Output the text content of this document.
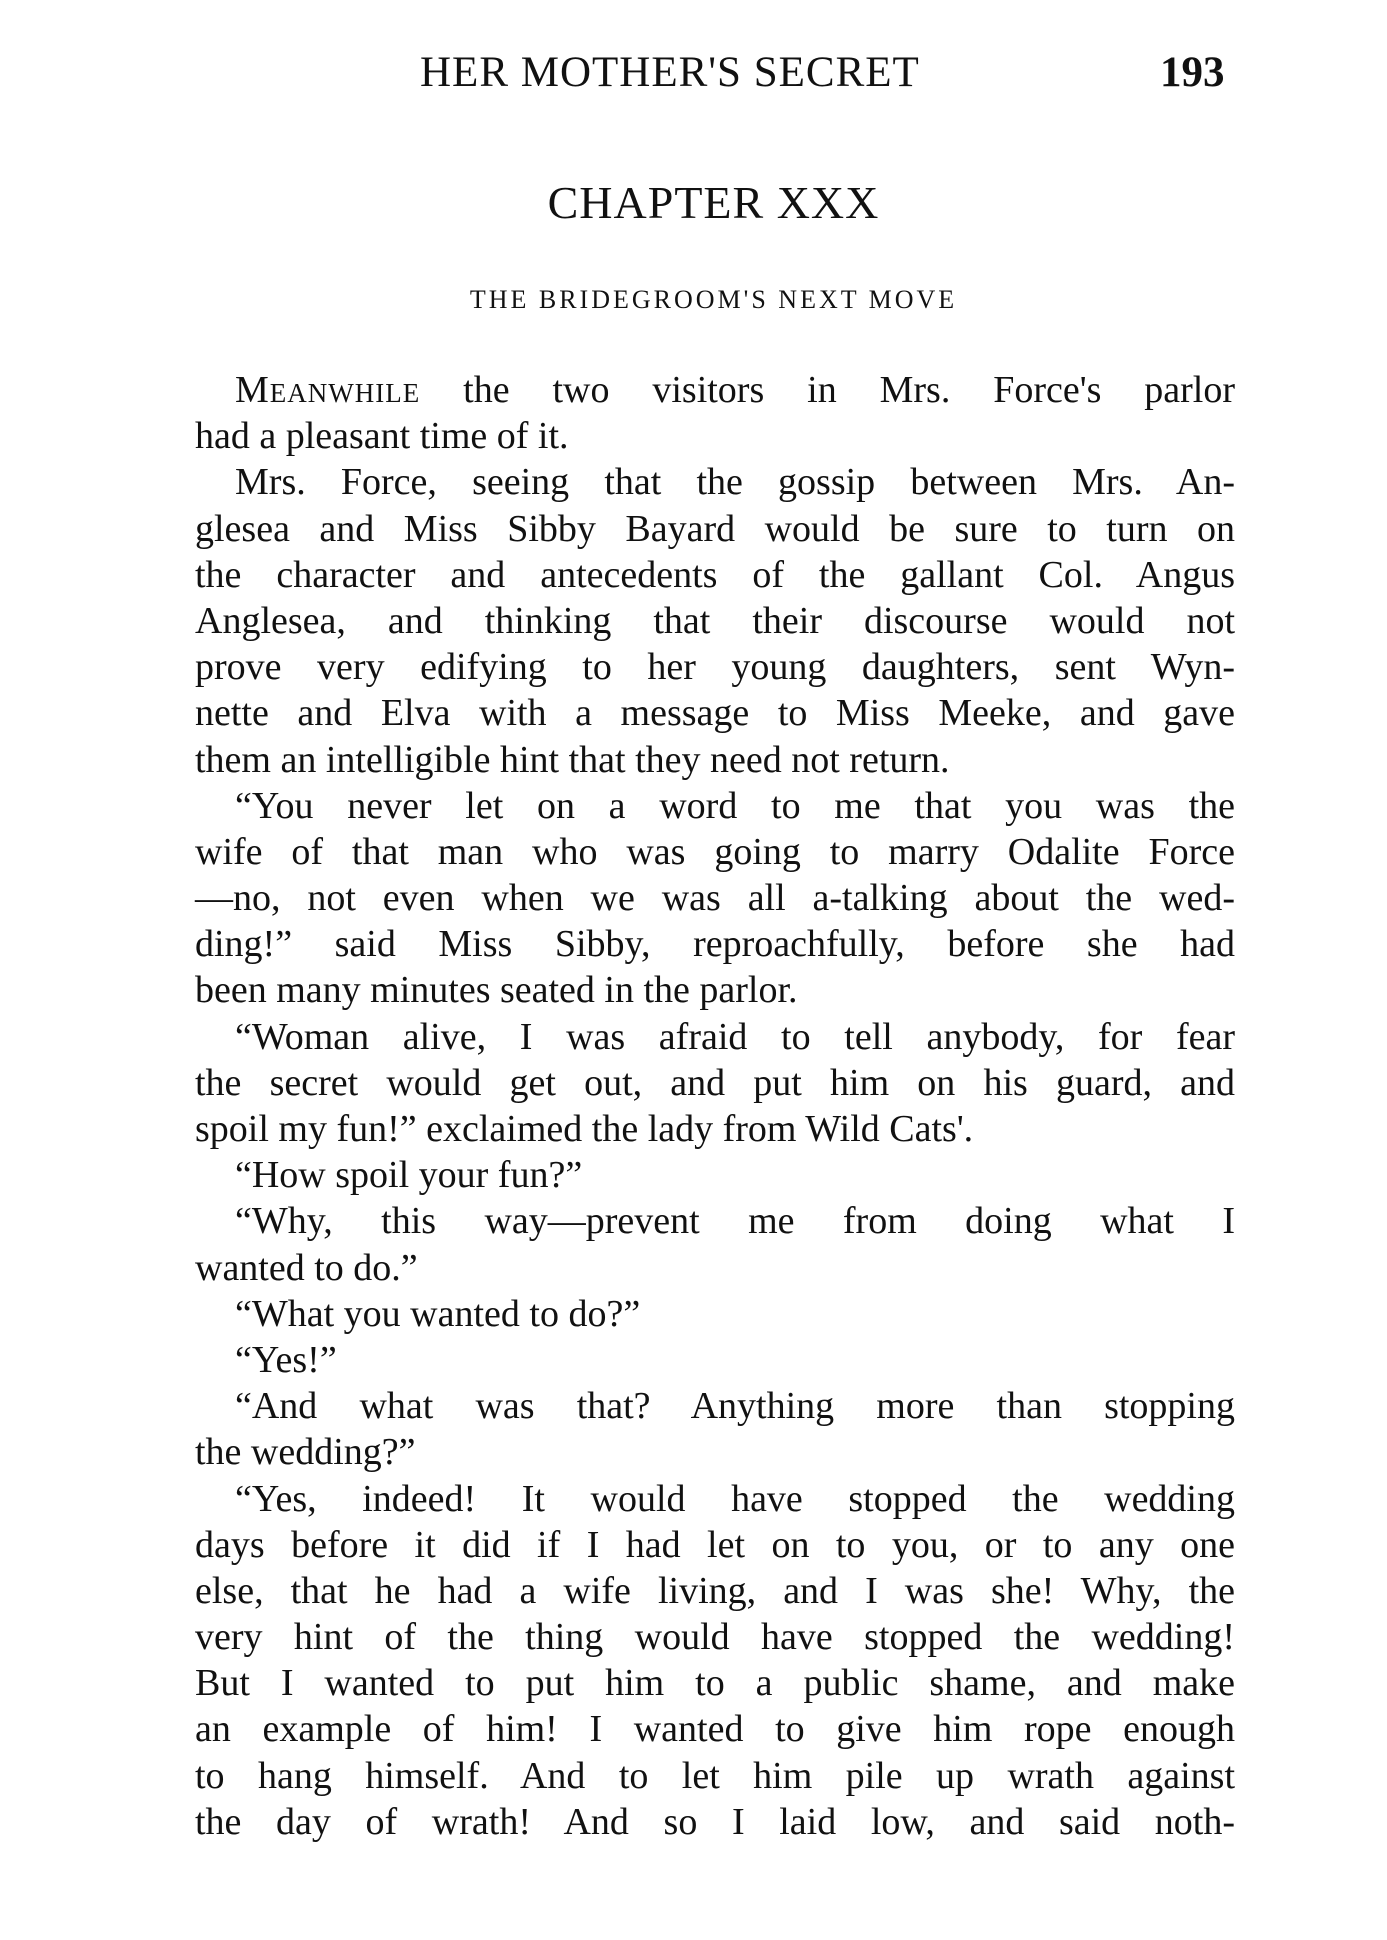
HER MOTHER'S SECRET	193
CHAPTER XXX
THE BRIDEGROOM'S NEXT MOVE
Meanwhile the two visitors in Mrs. Force's parlor
had a pleasant time of it.
Mrs. Force, seeing that the gossip between Mrs. An-
glesea and Miss Sibby Bayard would be sure to turn on
the character and antecedents of the gallant Col. Angus
Anglesea, and thinking that their discourse would not
prove very edifying to her young daughters, sent Wyn-
nette and Elva with a message to Miss Meeke, and gave
them an intelligible hint that they need not return.
“You never let on a word to me that you was the
wife of that man who was going to marry Odalite Force
—no, not even when we was all a-talking about the wed-
ding!” said Miss Sibby, reproachfully, before she had
been many minutes seated in the parlor.
“Woman alive, I was afraid to tell anybody, for fear
the secret would get out, and put him on his guard, and
spoil my fun!” exclaimed the lady from Wild Cats'.
“How spoil your fun?”
“Why, this way—prevent me from doing what I
wanted to do.”
“What you wanted to do?”
“Yes!”
“And what was that? Anything more than stopping
the wedding?”
“Yes, indeed! It would have stopped the wedding
days before it did if I had let on to you, or to any one
else, that he had a wife living, and I was she! Why, the
very hint of the thing would have stopped the wedding!
But I wanted to put him to a public shame, and make
an example of him! I wanted to give him rope enough
to hang himself. And to let him pile up wrath against
the day of wrath! And so I laid low, and said noth-
